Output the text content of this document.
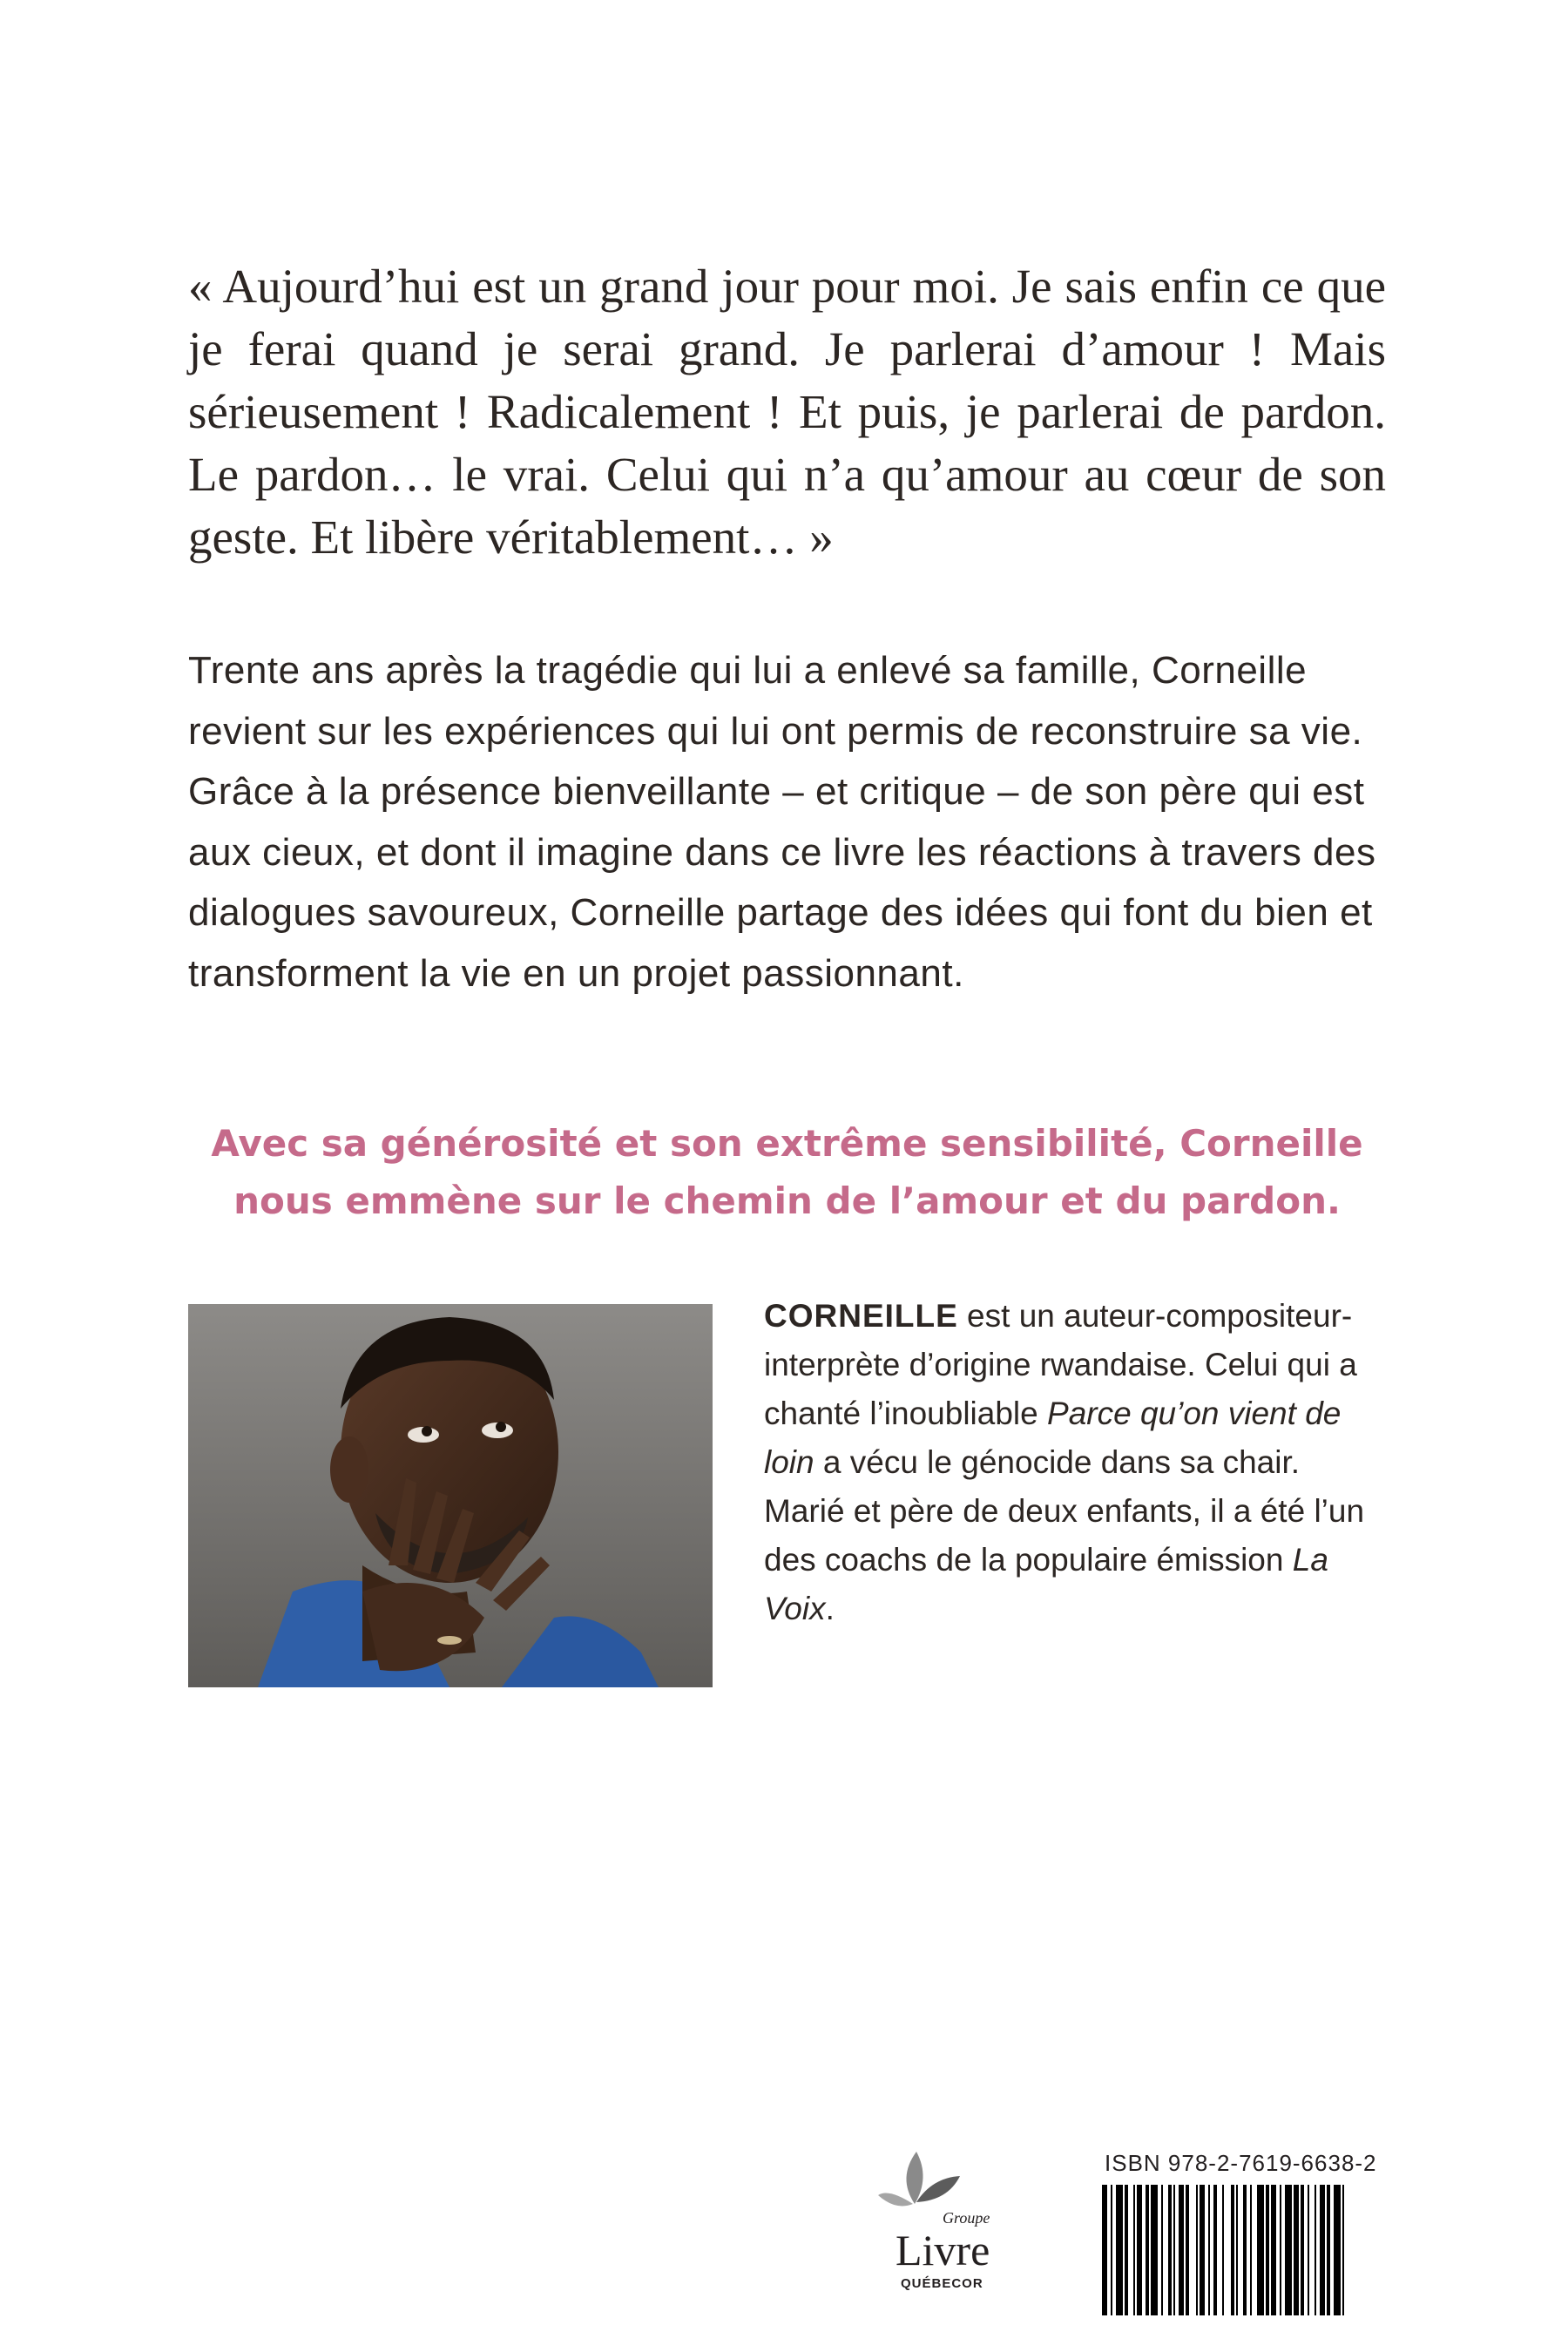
« Aujourd’hui est un grand jour pour moi. Je sais enfin ce que je ferai quand je serai grand. Je parlerai d’amour ! Mais sérieusement ! Radicalement ! Et puis, je parlerai de pardon. Le pardon… le vrai. Celui qui n’a qu’amour au cœur de son geste. Et libère véritablement… »

Trente ans après la tragédie qui lui a enlevé sa famille, Corneille revient sur les expériences qui lui ont permis de reconstruire sa vie. Grâce à la présence bienveillante – et critique – de son père qui est aux cieux, et dont il imagine dans ce livre les réactions à travers des dialogues savoureux, Corneille partage des idées qui font du bien et transforment la vie en un projet passionnant.

Avec sa générosité et son extrême sensibilité, Corneille
nous emmène sur le chemin de l’amour et du pardon.

CORNEILLE est un auteur-compositeur-interprète d’origine rwandaise. Celui qui a chanté l’inoubliable Parce qu’on vient de loin a vécu le génocide dans sa chair. Marié et père de deux enfants, il a été l’un des coachs de la populaire émission La Voix.

Groupe
Livre
QUÉBECOR
ISBN 978-2-7619-6638-2
